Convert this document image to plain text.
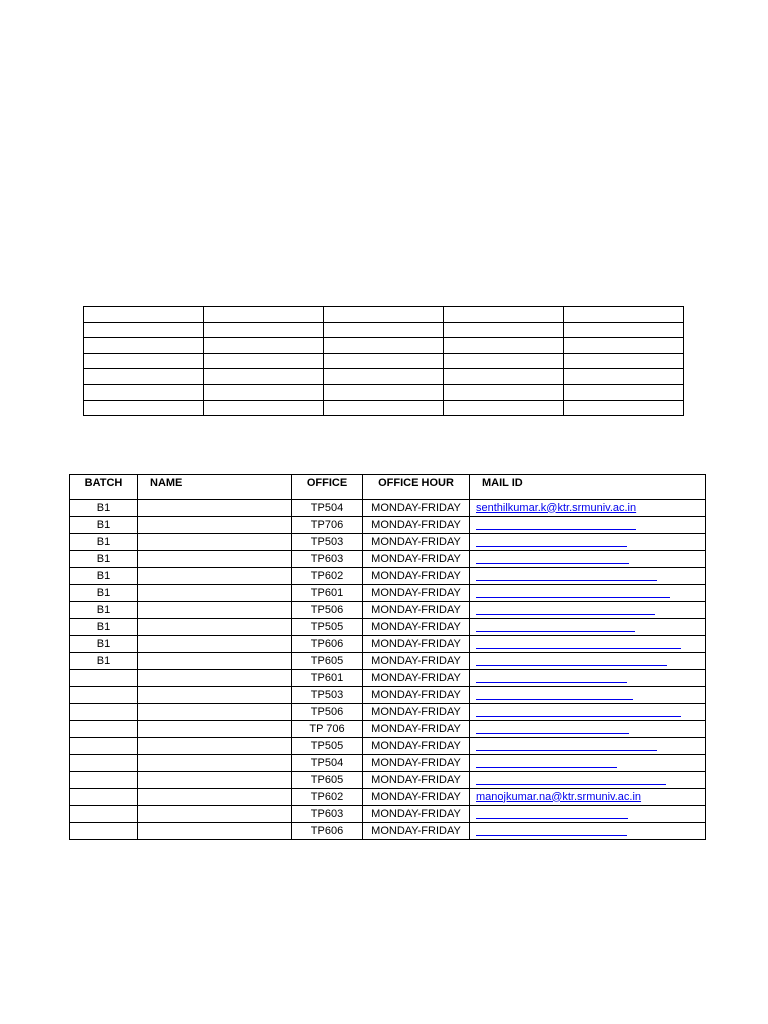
BATCH	NAME	OFFICE	OFFICE HOUR	MAIL ID
B1		TP504	MONDAY-FRIDAY	senthilkumar.k@ktr.srmuniv.ac.in
B1		TP706	MONDAY-FRIDAY	
B1		TP503	MONDAY-FRIDAY	
B1		TP603	MONDAY-FRIDAY	
B1		TP602	MONDAY-FRIDAY	
B1		TP601	MONDAY-FRIDAY	
B1		TP506	MONDAY-FRIDAY	
B1		TP505	MONDAY-FRIDAY	
B1		TP606	MONDAY-FRIDAY	
B1		TP605	MONDAY-FRIDAY	
		TP601	MONDAY-FRIDAY	
		TP503	MONDAY-FRIDAY	
		TP506	MONDAY-FRIDAY	
		TP 706	MONDAY-FRIDAY	
		TP505	MONDAY-FRIDAY	
		TP504	MONDAY-FRIDAY	
		TP605	MONDAY-FRIDAY	
		TP602	MONDAY-FRIDAY	manojkumar.na@ktr.srmuniv.ac.in
		TP603	MONDAY-FRIDAY	
		TP606	MONDAY-FRIDAY	
